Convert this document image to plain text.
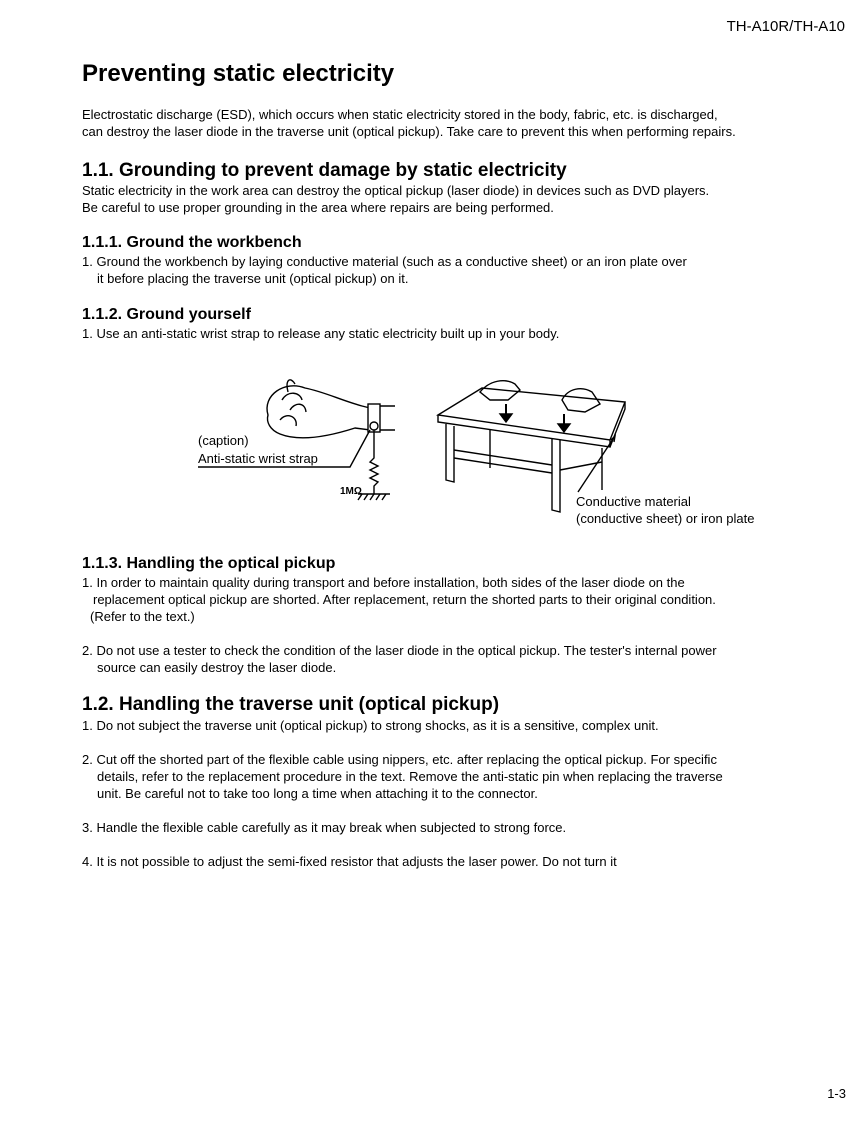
TH-A10R/TH-A10
Preventing static electricity

Electrostatic discharge (ESD), which occurs when static electricity stored in the body, fabric, etc. is discharged,
can destroy the laser diode in the traverse unit (optical pickup). Take care to prevent this when performing repairs.

1.1. Grounding to prevent damage by static electricity

Static electricity in the work area can destroy the optical pickup (laser diode) in devices such as DVD players.
Be careful to use proper grounding in the area where repairs are being performed.

1.1.1. Ground the workbench

1. Ground the workbench by laying conductive material (such as a conductive sheet) or an iron plate over

it before placing the traverse unit (optical pickup) on it.

1.1.2. Ground yourself

1. Use an anti-static wrist strap to release any static electricity built up in your body.

(caption)
Anti-static wrist strap
1MΩ
Conductive material
(conductive sheet) or iron plate
1.1.3. Handling the optical pickup

1. In order to maintain quality during transport and before installation, both sides of the laser diode on the

replacement optical pickup are shorted. After replacement, return the shorted parts to their original condition.
(Refer to the text.)

2. Do not use a tester to check the condition of the laser diode in the optical pickup. The tester's internal power

source can easily destroy the laser diode.

1.2. Handling the traverse unit (optical pickup)

1. Do not subject the traverse unit (optical pickup) to strong shocks, as it is a sensitive, complex unit.

2. Cut off the shorted part of the flexible cable using nippers, etc. after replacing the optical pickup. For specific

details, refer to the replacement procedure in the text. Remove the anti-static pin when replacing the traverse
unit. Be careful not to take too long a time when attaching it to the connector.

3. Handle the flexible cable carefully as it may break when subjected to strong force.

4. It is not possible to adjust the semi-fixed resistor that adjusts the laser power. Do not turn it

1-3
